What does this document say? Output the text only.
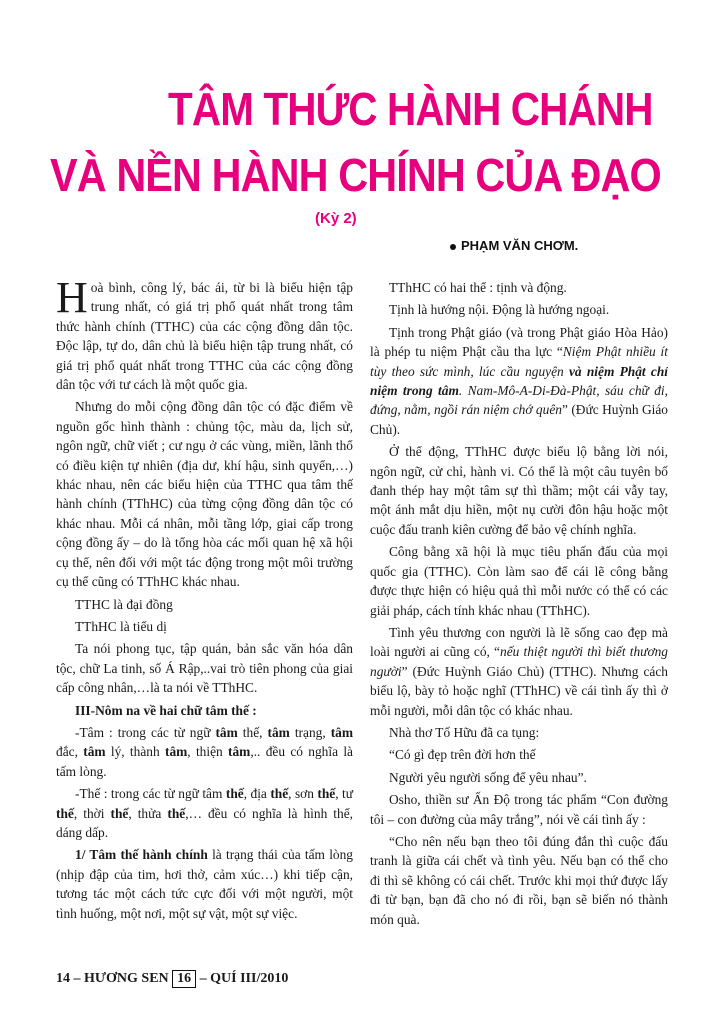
TÂM THỨC HÀNH CHÁNH
VÀ NỀN HÀNH CHÍNH CỦA ĐẠO
(Kỳ 2)
PHẠM VĂN CHƠM.

Hoà bình, công lý, bác ái, từ bi là biểu hiện tập trung nhất, có giá trị phổ quát nhất trong tâm thức hành chính (TTHC) của các cộng đồng dân tộc. Độc lập, tự do, dân chủ là biểu hiện tập trung nhất, có giá trị phổ quát nhất trong TTHC của các cộng đồng dân tộc với tư cách là một quốc gia.

Nhưng do mỗi cộng đồng dân tộc có đặc điểm về nguồn gốc hình thành : chủng tộc, màu da, lịch sử, ngôn ngữ, chữ viết ; cư ngụ ở các vùng, miền, lãnh thổ có điều kiện tự nhiên (địa dư, khí hậu, sinh quyển,…) khác nhau, nên các biểu hiện của TTHC qua tâm thế hành chính (TThHC) của từng cộng đồng dân tộc có khác nhau. Mỗi cá nhân, mỗi tầng lớp, giai cấp trong cộng đồng ấy – do là tổng hòa các mối quan hệ xã hội cụ thể, nên đối với một tác động trong một môi trường cụ thể cũng có TThHC khác nhau.

TTHC là đại đồng

TThHC là tiểu dị

Ta nói phong tục, tập quán, bản sắc văn hóa dân tộc, chữ La tinh, số Á Rập,..vai trò tiên phong của giai cấp công nhân,…là ta nói về TThHC.

III-Nôm na về hai chữ tâm thế :

-Tâm : trong các từ ngữ tâm thế, tâm trạng, tâm đắc, tâm lý, thành tâm, thiện tâm,.. đều có nghĩa là tấm lòng.

-Thế : trong các từ ngữ tâm thế, địa thế, sơn thế, tư thế, thời thế, thửa thế,… đều có nghĩa là hình thể, dáng dấp.

1/ Tâm thế hành chính là trạng thái của tấm lòng (nhịp đập của tim, hơi thở, cảm xúc…) khi tiếp cận, tương tác một cách tức cực đối với một người, một tình huống, một nơi, một sự vật, một sự việc.

TThHC có hai thể : tịnh và động.

Tịnh là hướng nội. Động là hướng ngoại.

Tịnh trong Phật giáo (và trong Phật giáo Hòa Hảo) là phép tu niệm Phật cầu tha lực “Niệm Phật nhiều ít tùy theo sức mình, lúc cầu nguyện và niệm Phật chỉ niệm trong tâm. Nam-Mô-A-Di-Đà-Phật, sáu chữ đi, đứng, nằm, ngồi rán niệm chớ quên” (Đức Huỳnh Giáo Chủ).

Ở thể động, TThHC được biểu lộ bằng lời nói, ngôn ngữ, cử chỉ, hành vi. Có thể là một câu tuyên bố đanh thép hay một tâm sự thì thầm; một cái vẫy tay, một ánh mắt dịu hiền, một nụ cười đôn hậu hoặc một cuộc đấu tranh kiên cường để bảo vệ chính nghĩa.

Công bằng xã hội là mục tiêu phấn đấu của mọi quốc gia (TTHC). Còn làm sao để cái lẽ công bằng được thực hiện có hiệu quả thì mỗi nước có thể có các giải pháp, cách tính khác nhau (TThHC).

Tình yêu thương con người là lẽ sống cao đẹp mà loài người ai cũng có, “nếu thiệt người thì biết thương người” (Đức Huỳnh Giáo Chủ) (TTHC). Nhưng cách biểu lộ, bày tỏ hoặc nghĩ (TThHC) về cái tình ấy thì ở mỗi người, mỗi dân tộc có khác nhau.

Nhà thơ Tố Hữu đã ca tụng:

“Có gì đẹp trên đời hơn thế

Người yêu người sống để yêu nhau”.

Osho, thiền sư Ấn Độ trong tác phẩm “Con đường tôi – con đường của mây trắng”, nói về cái tình ấy :

“Cho nên nếu bạn theo tôi đúng đắn thì cuộc đấu tranh là giữa cái chết và tình yêu. Nếu bạn có thể cho đi thì sẽ không có cái chết. Trước khi mọi thứ được lấy đi từ bạn, bạn đã cho nó đi rồi, bạn sẽ biến nó thành món quà.

14 – HƯƠNG SEN 16 – QUÍ III/2010
